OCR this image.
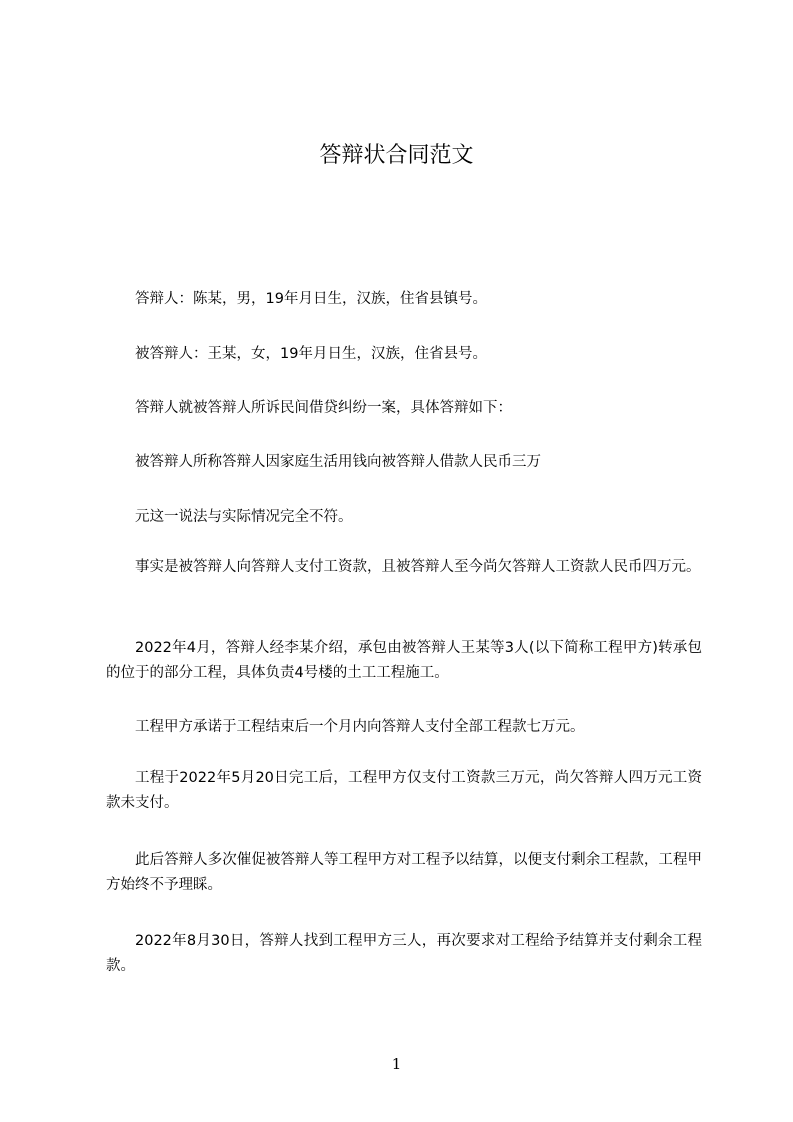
答辩状合同范文

答辩人：陈某，男，19年月日生，汉族，住省县镇号。

被答辩人：王某，女，19年月日生，汉族，住省县号。

答辩人就被答辩人所诉民间借贷纠纷一案，具体答辩如下：

被答辩人所称答辩人因家庭生活用钱向被答辩人借款人民币三万

元这一说法与实际情况完全不符。

事实是被答辩人向答辩人支付工资款，且被答辩人至今尚欠答辩人工资款人民币四万元。

2022年4月，答辩人经李某介绍，承包由被答辩人王某等3人(以下简称工程甲方)转承包的位于的部分工程，具体负责4号楼的土工工程施工。

工程甲方承诺于工程结束后一个月内向答辩人支付全部工程款七万元。

工程于2022年5月20日完工后，工程甲方仅支付工资款三万元，尚欠答辩人四万元工资款未支付。

此后答辩人多次催促被答辩人等工程甲方对工程予以结算，以便支付剩余工程款，工程甲方始终不予理睬。

2022年8月30日，答辩人找到工程甲方三人，再次要求对工程给予结算并支付剩余工程款。

1
